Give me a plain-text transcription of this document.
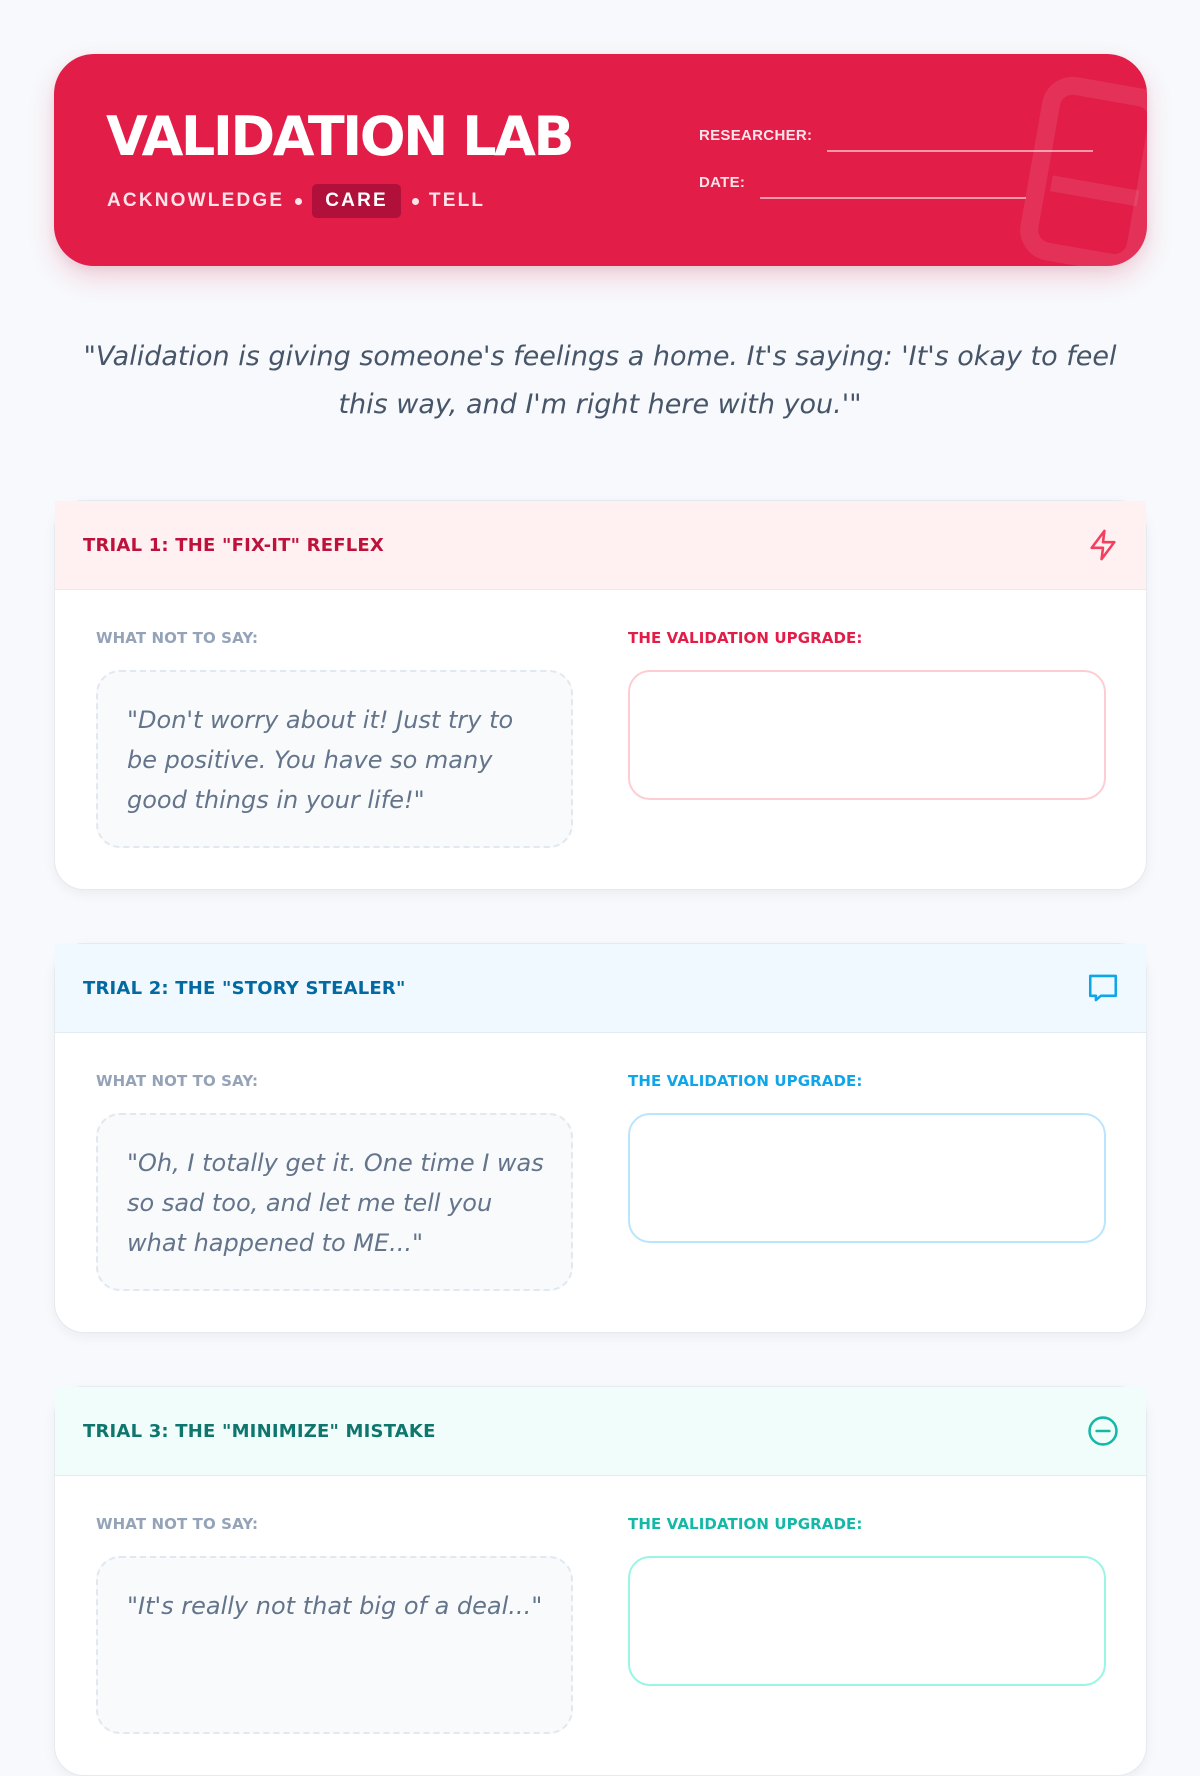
VALIDATION LAB
ACKNOWLEDGE	CARE	TELL
RESEARCHER:
DATE:
"Validation is giving someone's feelings a home. It's saying: 'It's okay to feel this way, and I'm right here with you.'"
TRIAL 1: THE "FIX-IT" REFLEX
WHAT NOT TO SAY:	THE VALIDATION UPGRADE:
"Don't worry about it! Just try to be positive. You have so many good things in your life!"
TRIAL 2: THE "STORY STEALER"
WHAT NOT TO SAY:	THE VALIDATION UPGRADE:
"Oh, I totally get it. One time I was so sad too, and let me tell you what happened to ME..."
TRIAL 3: THE "MINIMIZE" MISTAKE
WHAT NOT TO SAY:	THE VALIDATION UPGRADE:
"It's really not that big of a deal..."
